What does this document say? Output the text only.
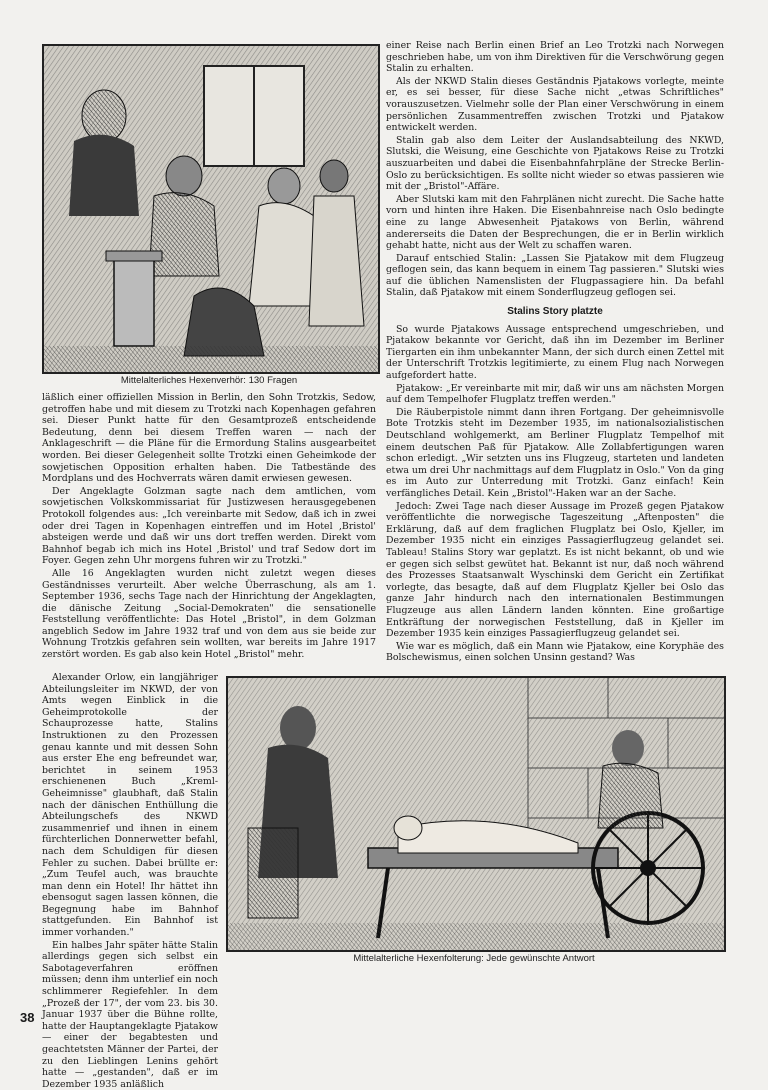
Mittelalterliches Hexenverhör: 130 Fragen

läßlich einer offiziellen Mission in Berlin, den Sohn Trotzkis, Sedow, getroffen habe und mit diesem zu Trotzki nach Kopenhagen gefahren sei. Dieser Punkt hatte für den Gesamtprozeß entscheidende Bedeutung, denn bei diesem Treffen waren — nach der Anklageschrift — die Pläne für die Ermordung Stalins ausgearbeitet worden. Bei dieser Gelegenheit sollte Trotzki einen Geheimkode der sowjetischen Opposition erhalten haben. Die Tatbestände des Mordplans und des Hochverrats wären damit erwiesen gewesen.

Der Angeklagte Golzman sagte nach dem amtlichen, vom sowjetischen Volkskommissariat für Justizwesen herausgegebenen Protokoll folgendes aus: „Ich vereinbarte mit Sedow, daß ich in zwei oder drei Tagen in Kopenhagen eintreffen und im Hotel ‚Bristol' absteigen werde und daß wir uns dort treffen werden. Direkt vom Bahnhof begab ich mich ins Hotel ‚Bristol' und traf Sedow dort im Foyer. Gegen zehn Uhr morgens fuhren wir zu Trotzki."

Alle 16 Angeklagten wurden nicht zuletzt wegen dieses Geständnisses verurteilt. Aber welche Überraschung, als am 1. September 1936, sechs Tage nach der Hinrichtung der Angeklagten, die dänische Zeitung „Social-Demokraten" die sensationelle Feststellung veröffentlichte: Das Hotel „Bristol", in dem Golzman angeblich Sedow im Jahre 1932 traf und von dem aus sie beide zur Wohnung Trotzkis gefahren sein wollten, war bereits im Jahre 1917 zerstört worden. Es gab also kein Hotel „Bristol" mehr.

Alexander Orlow, ein langjähriger Abteilungsleiter im NKWD, der von Amts wegen Einblick in die Geheimprotokolle der Schauprozesse hatte, Stalins Instruktionen zu den Prozessen genau kannte und mit dessen Sohn aus erster Ehe eng befreundet war, berichtet in seinem 1953 erschienenen Buch „Kreml-Geheimnisse" glaubhaft, daß Stalin nach der dänischen Enthüllung die Abteilungschefs des NKWD zusammenrief und ihnen in einem fürchterlichen Donnerwetter befahl, nach dem Schuldigen für diesen Fehler zu suchen. Dabei brüllte er: „Zum Teufel auch, was brauchte man denn ein Hotel! Ihr hättet ihn ebensogut sagen lassen können, die Begegnung habe im Bahnhof stattgefunden. Ein Bahnhof ist immer vorhanden."

Ein halbes Jahr später hätte Stalin allerdings gegen sich selbst ein Sabotageverfahren eröffnen müssen; denn ihm unterlief ein noch schlimmerer Regiefehler. In dem „Prozeß der 17", der vom 23. bis 30. Januar 1937 über die Bühne rollte, hatte der Hauptangeklagte Pjatakow — einer der begabtesten und geachtetsten Männer der Partei, der zu den Lieblingen Lenins gehört hatte — „gestanden", daß er im Dezember 1935 anläßlich

einer Reise nach Berlin einen Brief an Leo Trotzki nach Norwegen geschrieben habe, um von ihm Direktiven für die Verschwörung gegen Stalin zu erhalten.

Als der NKWD Stalin dieses Geständnis Pjatakows vorlegte, meinte er, es sei besser, für diese Sache nicht „etwas Schriftliches" vorauszusetzen. Vielmehr solle der Plan einer Verschwörung in einem persönlichen Zusammentreffen zwischen Trotzki und Pjatakow entwickelt werden.

Stalin gab also dem Leiter der Auslandsabteilung des NKWD, Slutski, die Weisung, eine Geschichte von Pjatakows Reise zu Trotzki auszuarbeiten und dabei die Eisenbahnfahrpläne der Strecke Berlin-Oslo zu berücksichtigen. Es sollte nicht wieder so etwas passieren wie mit der „Bristol"-Affäre.

Aber Slutski kam mit den Fahrplänen nicht zurecht. Die Sache hatte vorn und hinten ihre Haken. Die Eisenbahnreise nach Oslo bedingte eine zu lange Abwesenheit Pjatakows von Berlin, während andererseits die Daten der Besprechungen, die er in Berlin wirklich gehabt hatte, nicht aus der Welt zu schaffen waren.

Darauf entschied Stalin: „Lassen Sie Pjatakow mit dem Flugzeug geflogen sein, das kann bequem in einem Tag passieren." Slutski wies auf die üblichen Namenslisten der Flugpassagiere hin. Da befahl Stalin, daß Pjatakow mit einem Sonderflugzeug geflogen sei.

Stalins Story platzte

So wurde Pjatakows Aussage entsprechend umgeschrieben, und Pjatakow bekannte vor Gericht, daß ihn im Dezember im Berliner Tiergarten ein ihm unbekannter Mann, der sich durch einen Zettel mit der Unterschrift Trotzkis legitimierte, zu einem Flug nach Norwegen aufgefordert hatte.

Pjatakow: „Er vereinbarte mit mir, daß wir uns am nächsten Morgen auf dem Tempelhofer Flugplatz treffen werden."

Die Räuberpistole nimmt dann ihren Fortgang. Der geheimnisvolle Bote Trotzkis steht im Dezember 1935, im nationalsozialistischen Deutschland wohlgemerkt, am Berliner Flugplatz Tempelhof mit einem deutschen Paß für Pjatakow. Alle Zollabfertigungen waren schon erledigt. „Wir setzten uns ins Flugzeug, starteten und landeten etwa um drei Uhr nachmittags auf dem Flugplatz in Oslo." Von da ging es im Auto zur Unterredung mit Trotzki. Ganz einfach! Kein verfängliches Detail. Kein „Bristol"-Haken war an der Sache.

Jedoch: Zwei Tage nach dieser Aussage im Prozeß gegen Pjatakow veröffentlichte die norwegische Tageszeitung „Aftenposten" die Erklärung, daß auf dem fraglichen Flugplatz bei Oslo, Kjeller, im Dezember 1935 nicht ein einziges Passagierflugzeug gelandet sei. Tableau! Stalins Story war geplatzt. Es ist nicht bekannt, ob und wie er gegen sich selbst gewütet hat. Bekannt ist nur, daß noch während des Prozesses Staatsanwalt Wyschinski dem Gericht ein Zertifikat vorlegte, das besagte, daß auf dem Flugplatz Kjeller bei Oslo das ganze Jahr hindurch nach den internationalen Bestimmungen Flugzeuge aus allen Ländern landen könnten. Eine großartige Entkräftung der norwegischen Feststellung, daß in Kjeller im Dezember 1935 kein einziges Passagierflugzeug gelandet sei.

Wie war es möglich, daß ein Mann wie Pjatakow, eine Koryphäe des Bolschewismus, einen solchen Unsinn gestand? Was

Mittelalterliche Hexenfolterung: Jede gewünschte Antwort
38
